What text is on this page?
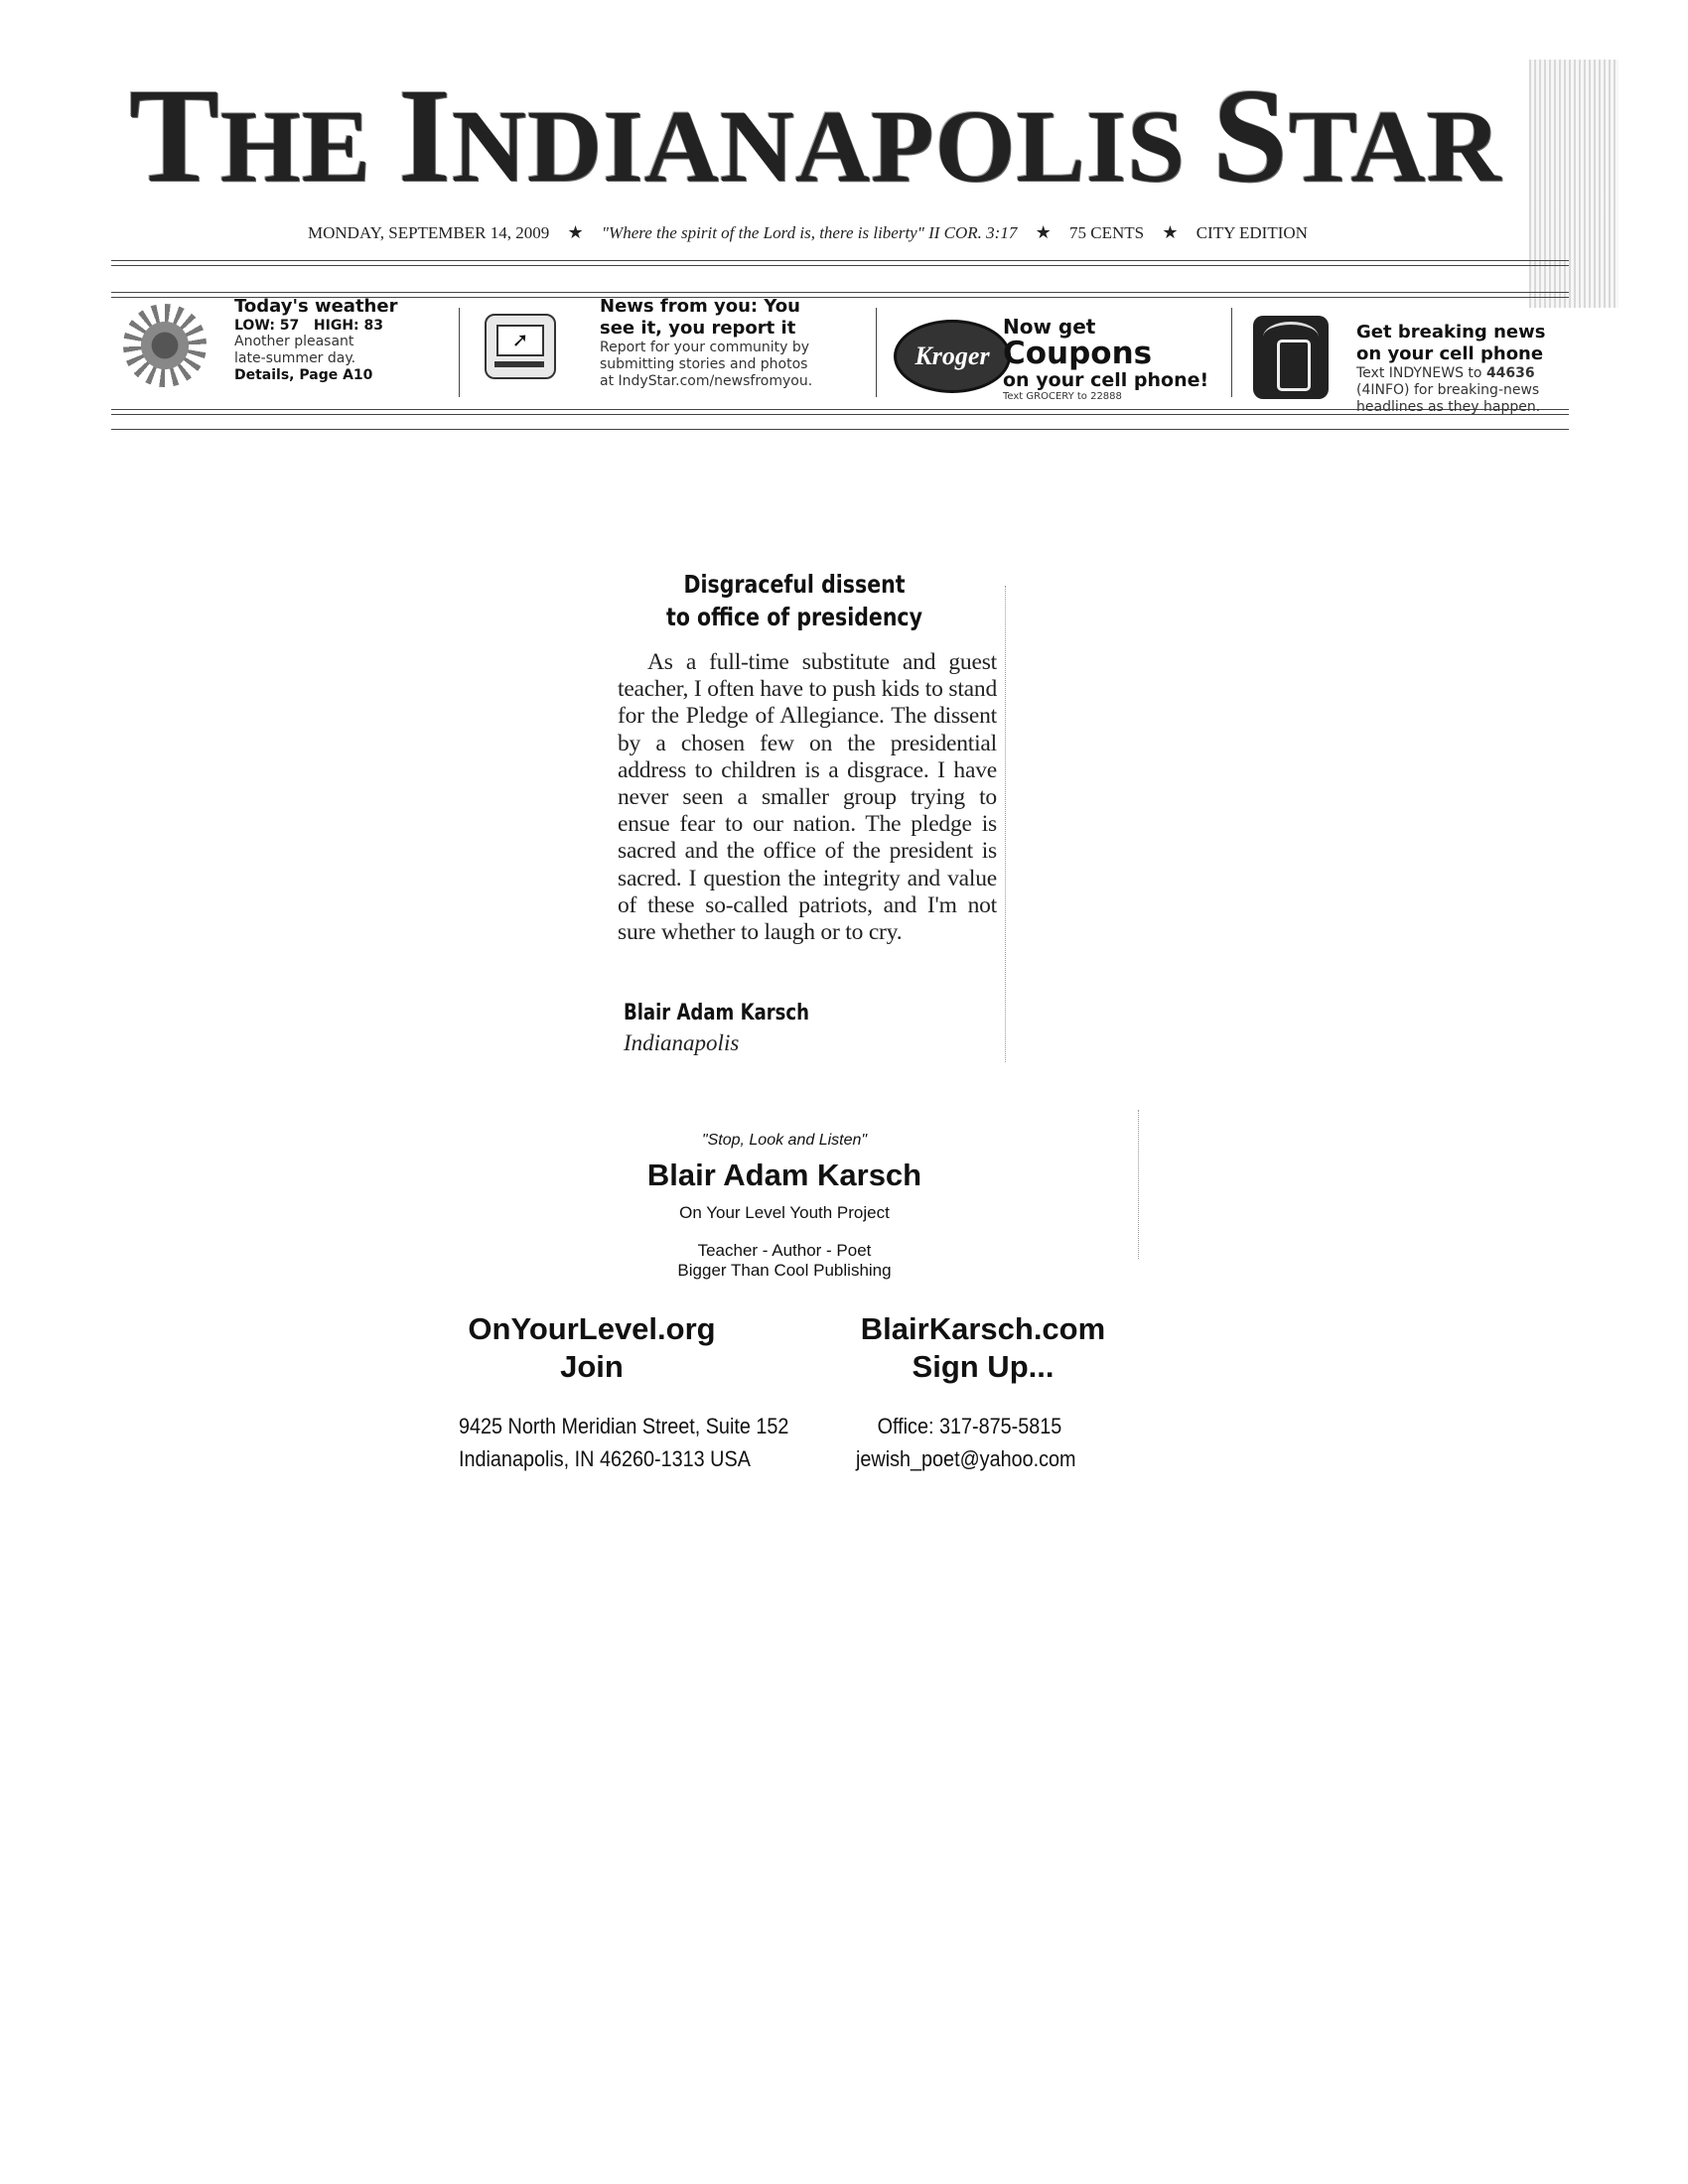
THE INDIANAPOLIS STAR
MONDAY, SEPTEMBER 14, 2009 ★ "Where the spirit of the Lord is, there is liberty" II COR. 3:17 ★ 75 CENTS ★ CITY EDITION
Today's weather
LOW: 57 HIGH: 83
Another pleasant
late-summer day.
Details, Page A10
➚
News from you: You
see it, you report it
Report for your community by
submitting stories and photos
at IndyStar.com/newsfromyou.
Kroger
Now get
Coupons
on your cell phone!
Text GROCERY to 22888
Get breaking news
on your cell phone
Text INDYNEWS to 44636
(4INFO) for breaking-news
headlines as they happen.
Disgraceful dissent
to office of presidency
As a full-time substitute and guest teacher, I often have to push kids to stand for the Pledge of Allegiance. The dissent by a chosen few on the presidential address to children is a disgrace. I have never seen a smaller group trying to ensue fear to our nation. The pledge is sacred and the office of the president is sacred. I question the integrity and value of these so-called patriots, and I'm not sure whether to laugh or to cry.
Blair Adam Karsch
Indianapolis
"Stop, Look and Listen"
Blair Adam Karsch
On Your Level Youth Project
Teacher - Author - Poet
Bigger Than Cool Publishing
OnYourLevel.org
Join
BlairKarsch.com
Sign Up...
9425 North Meridian Street, Suite 152
Indianapolis, IN 46260-1313 USA
Office: 317-875-5815
jewish_poet@yahoo.com
